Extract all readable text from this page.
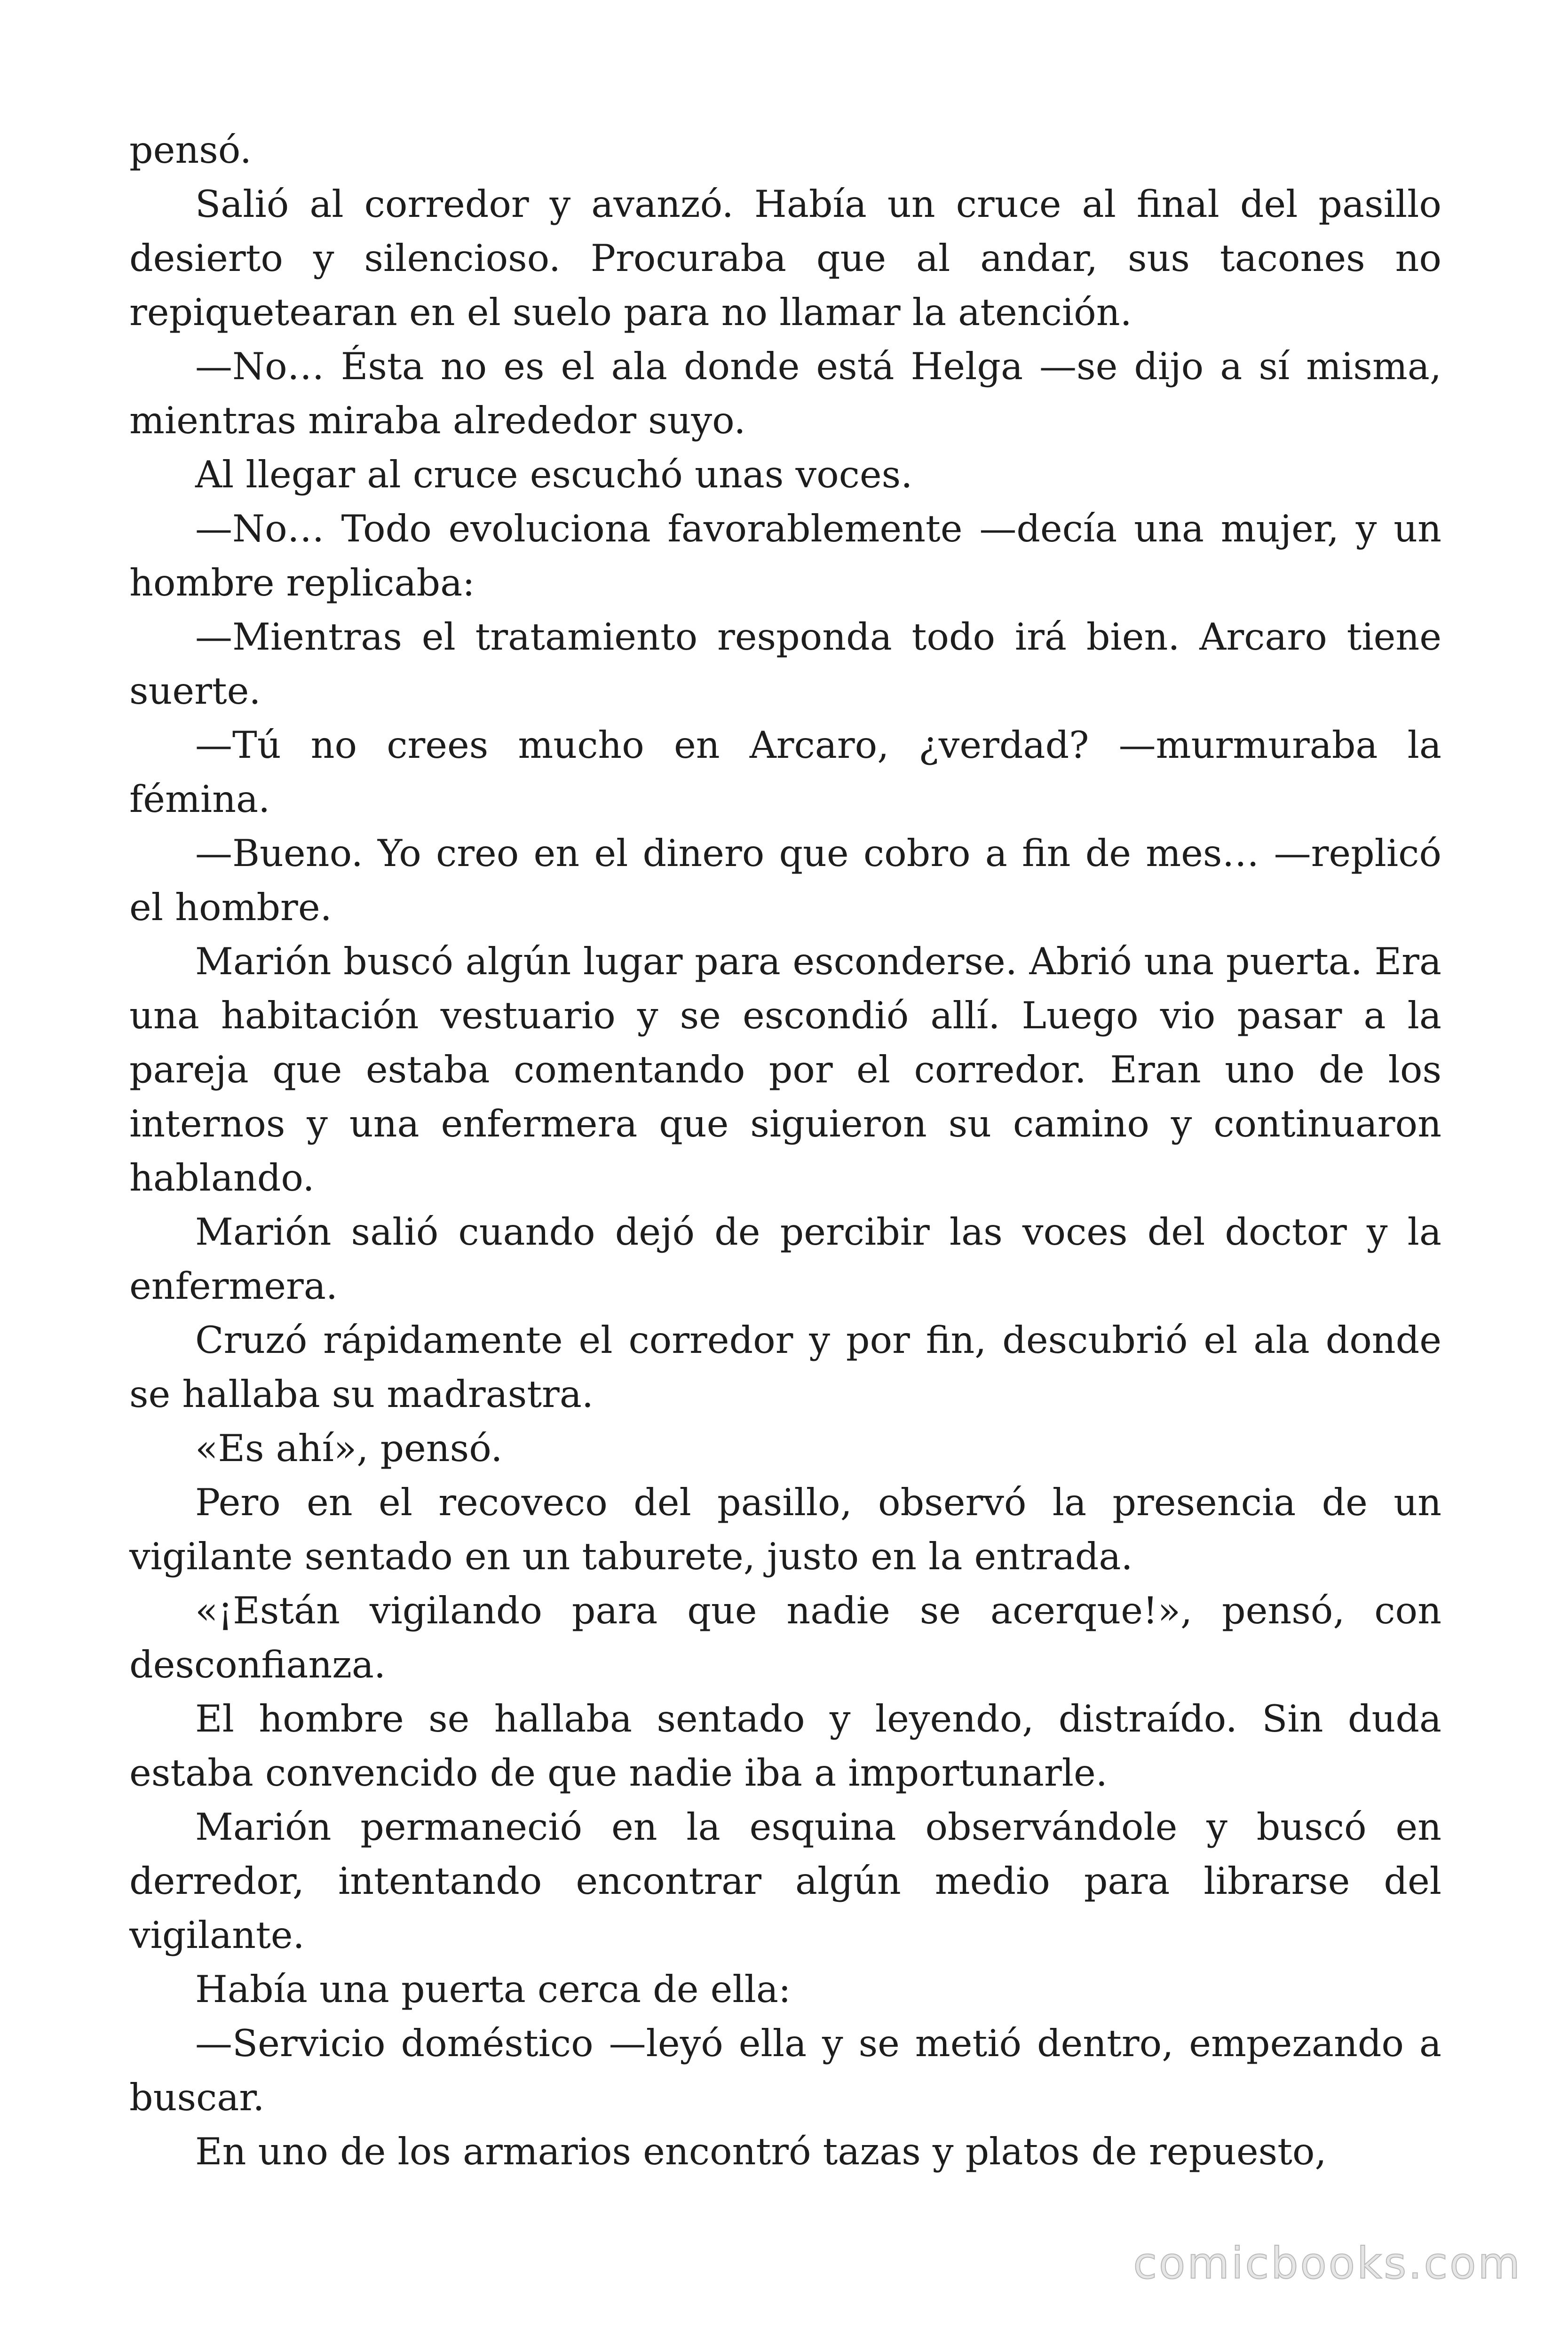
pensó.

Salió al corredor y avanzó. Había un cruce al final del pasillo desierto y silencioso. Procuraba que al andar, sus tacones no repiquetearan en el suelo para no llamar la atención.

—No… Ésta no es el ala donde está Helga —se dijo a sí misma, mientras miraba alrededor suyo.

Al llegar al cruce escuchó unas voces.

—No… Todo evoluciona favorablemente —decía una mujer, y un hombre replicaba:

—Mientras el tratamiento responda todo irá bien. Arcaro tiene suerte.

—Tú no crees mucho en Arcaro, ¿verdad? —murmuraba la fémina.

—Bueno. Yo creo en el dinero que cobro a fin de mes… —replicó el hombre.

Marión buscó algún lugar para esconderse. Abrió una puerta. Era una habitación vestuario y se escondió allí. Luego vio pasar a la pareja que estaba comentando por el corredor. Eran uno de los internos y una enfermera que siguieron su camino y continuaron hablando.

Marión salió cuando dejó de percibir las voces del doctor y la enfermera.

Cruzó rápidamente el corredor y por fin, descubrió el ala donde se hallaba su madrastra.

«Es ahí», pensó.

Pero en el recoveco del pasillo, observó la presencia de un vigilante sentado en un taburete, justo en la entrada.

«¡Están vigilando para que nadie se acerque!», pensó, con desconfianza.

El hombre se hallaba sentado y leyendo, distraído. Sin duda estaba convencido de que nadie iba a importunarle.

Marión permaneció en la esquina observándole y buscó en derredor, intentando encontrar algún medio para librarse del vigilante.

Había una puerta cerca de ella:

—Servicio doméstico —leyó ella y se metió dentro, empezando a buscar.

En uno de los armarios encontró tazas y platos de repuesto,

comicbooks.com
